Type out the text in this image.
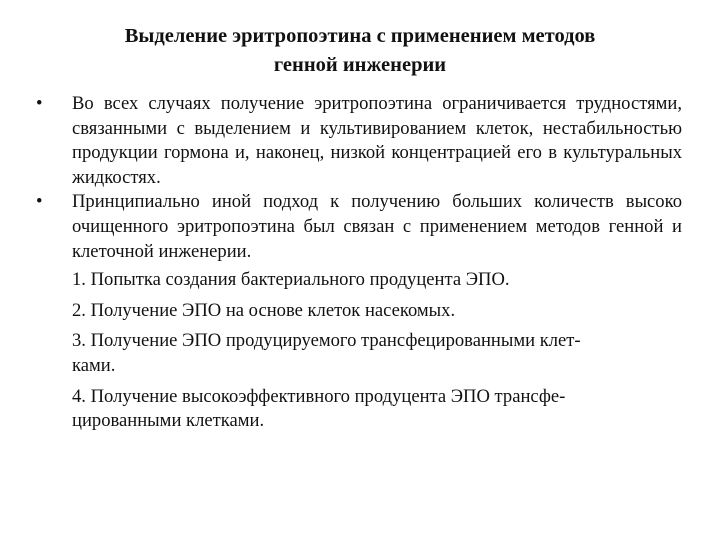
Выделение эритропоэтина с применением методов
генной инженерии
• Во всех случаях получение эритропоэтина ограничивается трудностями, связанными с выделением и культивированием клеток, нестабильностью продукции гормона и, наконец, низкой концентрацией его в культуральных жидкостях.
• Принципиально иной подход к получению больших количеств высоко очищенного эритропоэтина был связан с применением методов генной и клеточной инженерии.
1. Попытка создания бактериального продуцента ЭПО.
2. Получение ЭПО на основе клеток насекомых.
3. Получение ЭПО продуцируемого трансфецированными клет-
ками.
4. Получение высокоэффективного продуцента ЭПО трансфе-
цированными клетками.
